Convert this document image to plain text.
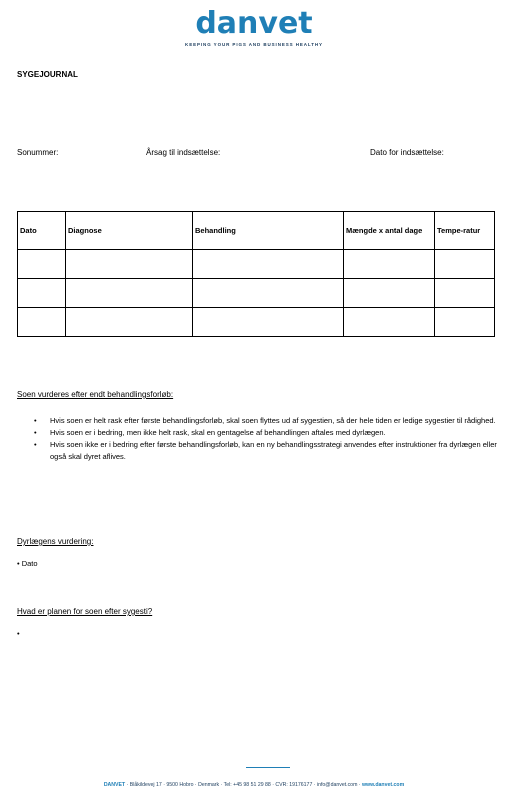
danvet
KEEPING YOUR PIGS AND BUSINESS HEALTHY
SYGEJOURNAL
Sonummer:	Årsag til indsættelse:	Dato for indsættelse:
Dato	Diagnose	Behandling	Mængde x antal dage	Tempe-ratur

Soen vurderes efter endt behandlingsforløb:
• Hvis soen er helt rask efter første behandlingsforløb, skal soen flyttes ud af sygestien, så der hele tiden er ledige sygestier til rådighed.
• Hvis soen er i bedring, men ikke helt rask, skal en gentagelse af behandlingen aftales med dyrlægen.
• Hvis soen ikke er i bedring efter første behandlingsforløb, kan en ny behandlingsstrategi anvendes efter instruktioner fra dyrlægen eller også skal dyret aflives.
Dyrlægens vurdering:
• Dato
Hvad er planen for soen efter sygesti?
•
DANVET · Blåkildevej 17 · 9500 Hobro · Denmark · Tel: +45 98 51 29 88 · CVR: 19176177 · info@danvet.com · www.danvet.com
